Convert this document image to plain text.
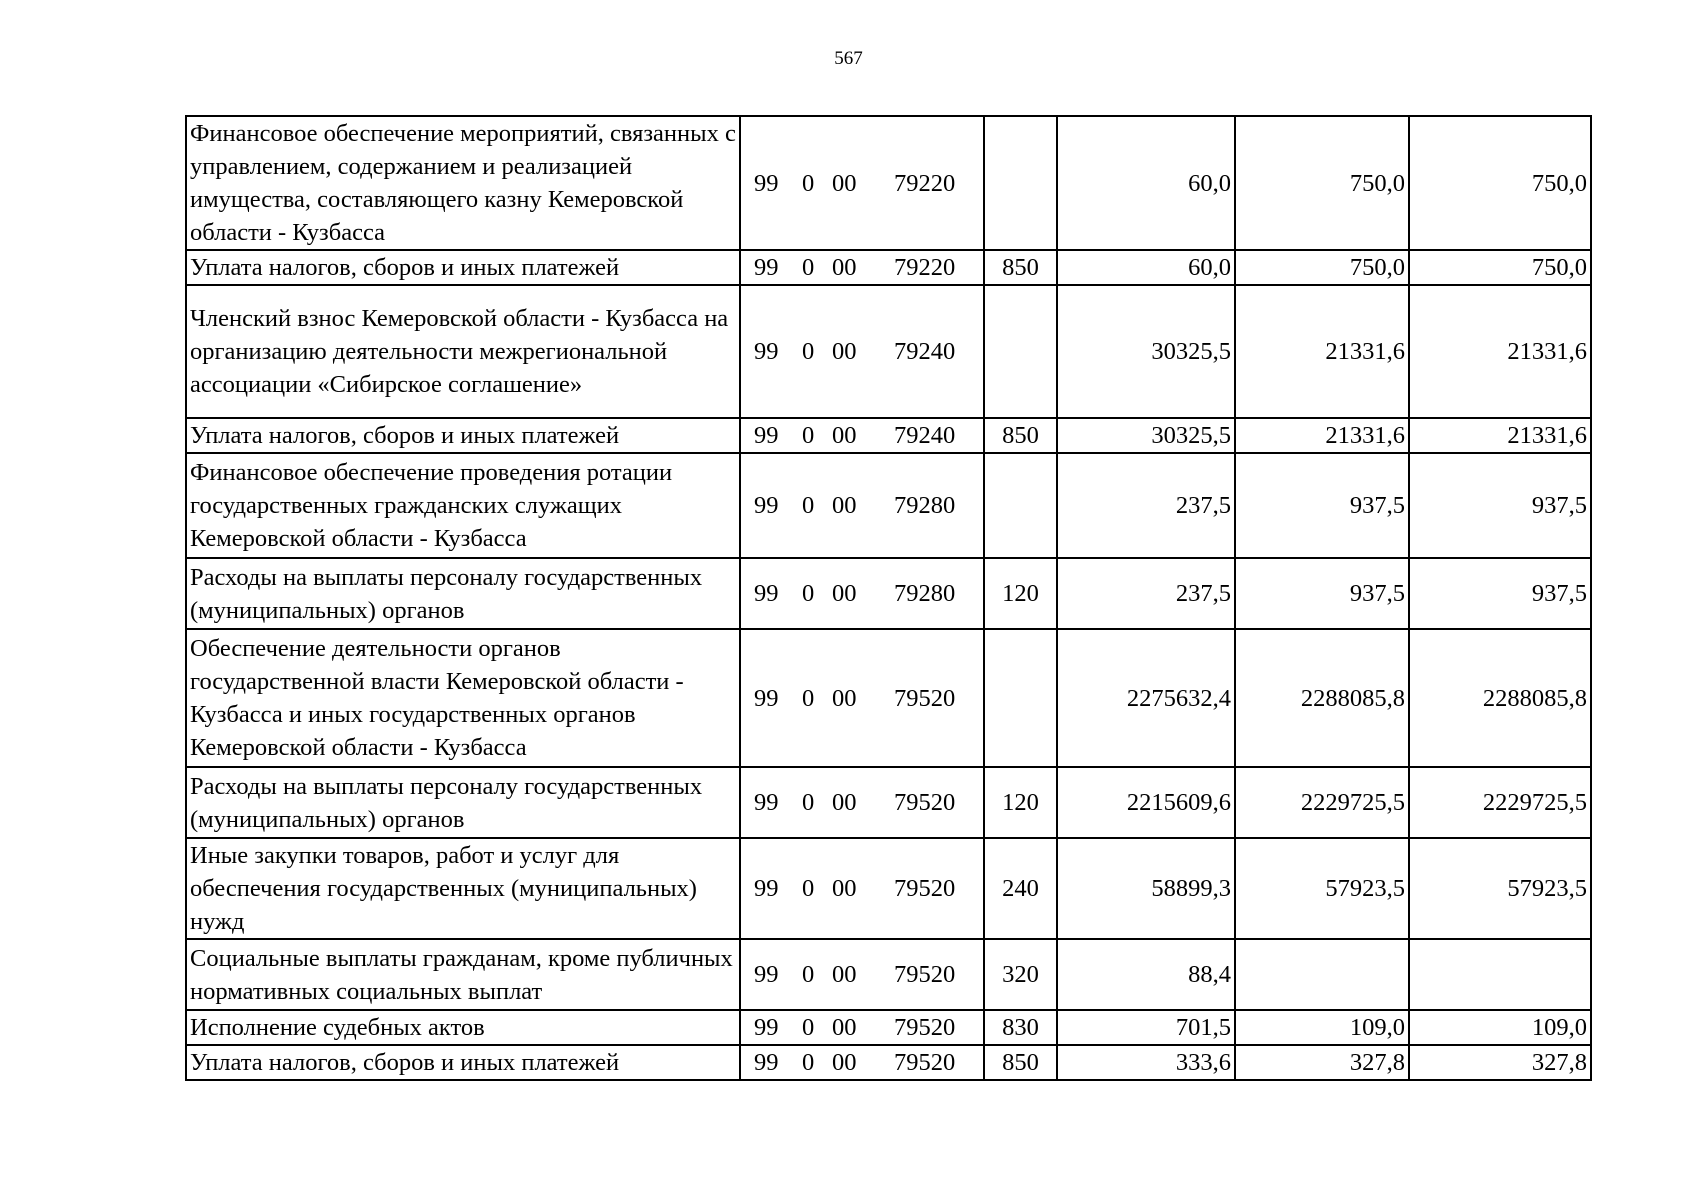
567
Финансовое обеспечение мероприятий, связанных с управлением, содержанием и реализацией имущества, составляющего казну Кемеровской области - Кузбасса	99 0 00 79220		60,0	750,0	750,0
Уплата налогов, сборов и иных платежей	99 0 00 79220	850	60,0	750,0	750,0
Членский взнос Кемеровской области - Кузбасса на организацию деятельности межрегиональной ассоциации «Сибирское соглашение»	99 0 00 79240		30325,5	21331,6	21331,6
Уплата налогов, сборов и иных платежей	99 0 00 79240	850	30325,5	21331,6	21331,6
Финансовое обеспечение проведения ротации государственных гражданских служащих Кемеровской области - Кузбасса	99 0 00 79280		237,5	937,5	937,5
Расходы на выплаты персоналу государственных (муниципальных) органов	99 0 00 79280	120	237,5	937,5	937,5
Обеспечение деятельности органов государственной власти Кемеровской области - Кузбасса и иных государственных органов Кемеровской области - Кузбасса	99 0 00 79520		2275632,4	2288085,8	2288085,8
Расходы на выплаты персоналу государственных (муниципальных) органов	99 0 00 79520	120	2215609,6	2229725,5	2229725,5
Иные закупки товаров, работ и услуг для обеспечения государственных (муниципальных) нужд	99 0 00 79520	240	58899,3	57923,5	57923,5
Социальные выплаты гражданам, кроме публичных нормативных социальных выплат	99 0 00 79520	320	88,4		
Исполнение судебных актов	99 0 00 79520	830	701,5	109,0	109,0
Уплата налогов, сборов и иных платежей	99 0 00 79520	850	333,6	327,8	327,8
